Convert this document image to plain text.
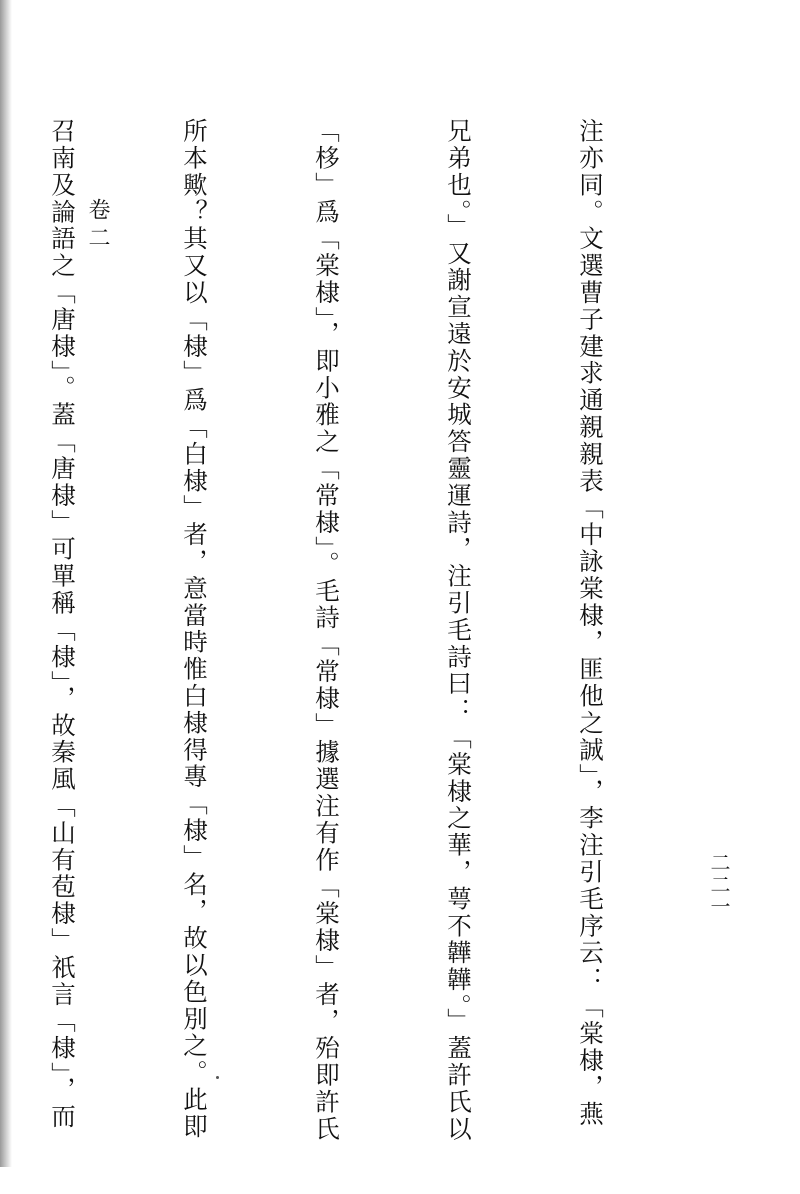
卷二

	注亦同。文選曹子建求通親親表「中詠棠棣，匪他之誠」，李注引毛序云：「棠棣，燕

兄弟也。」又謝宣遠於安城答靈運詩，注引毛詩曰：「棠棣之華，萼不韡韡。」蓋許氏以

「栘」爲「棠棣」，即小雅之「常棣」。毛詩「常棣」據選注有作「棠棣」者，殆即許氏

所本歟？其又以「棣」爲「白棣」者，意當時惟白棣得專「棣」名，故以色別之。此即

召南及論語之「唐棣」。蓋「唐棣」可單稱「棣」，故秦風「山有苞棣」祇言「棣」，而

	二二一
